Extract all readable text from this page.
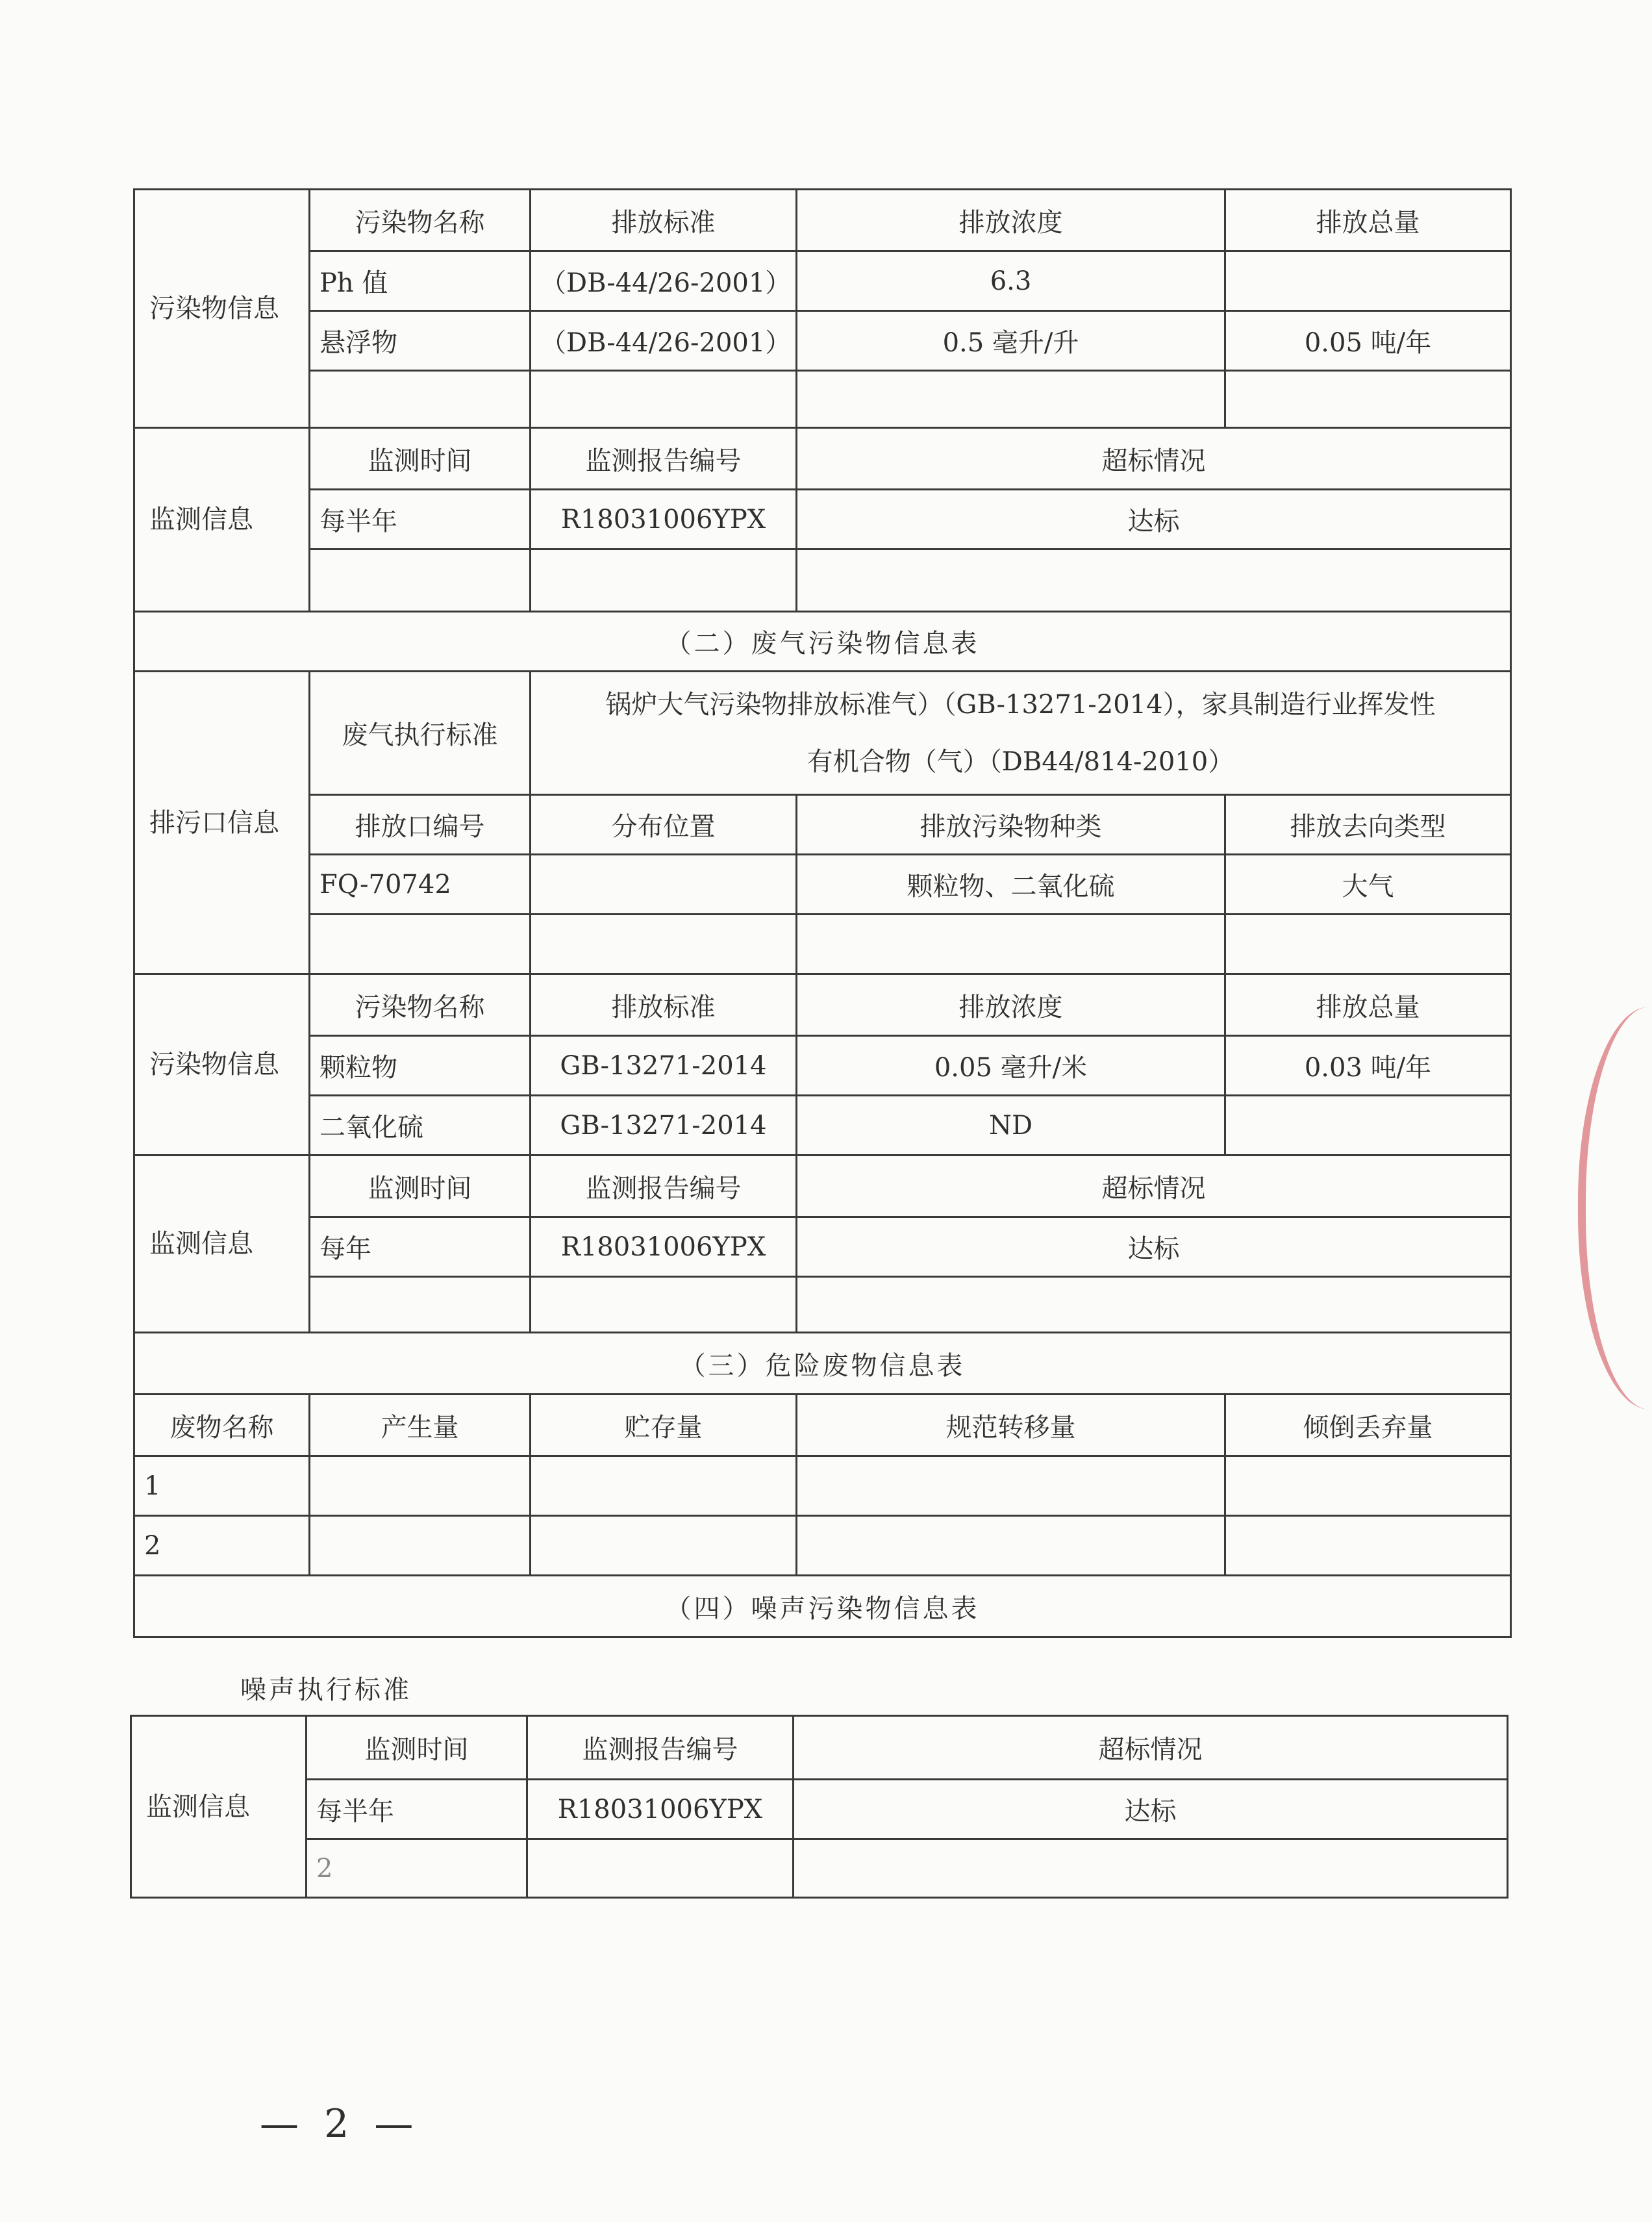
污染物信息	污染物名称	排放标准	排放浓度	排放总量
	Ph 值	（DB-44/26-2001）	6.3	
	悬浮物	（DB-44/26-2001）	0.5 毫升/升	0.05 吨/年

监测信息	监测时间	监测报告编号	超标情况	
	每半年	R18031006YPX	达标	

（二）废气污染物信息表				
排污口信息	废气执行标准	锅炉大气污染物排放标准气）（GB-13271-2014），家具制造行业挥发性
有机合物（气）（DB44/814-2010）		

	排放口编号	分布位置	排放污染物种类	排放去向类型
	FQ-70742		颗粒物、二氧化硫	大气

污染物信息	污染物名称	排放标准	排放浓度	排放总量
	颗粒物	GB-13271-2014	0.05 毫升/米	0.03 吨/年
	二氧化硫	GB-13271-2014	ND	
监测信息	监测时间	监测报告编号	超标情况	
	每年	R18031006YPX	达标	

（三）危险废物信息表				
废物名称	产生量	贮存量	规范转移量	倾倒丢弃量
1				
2				
（四）噪声污染物信息表				
噪声执行标准
监测信息	监测时间	监测报告编号	超标情况
	每半年	R18031006YPX	达标
	2		
— 2 —
